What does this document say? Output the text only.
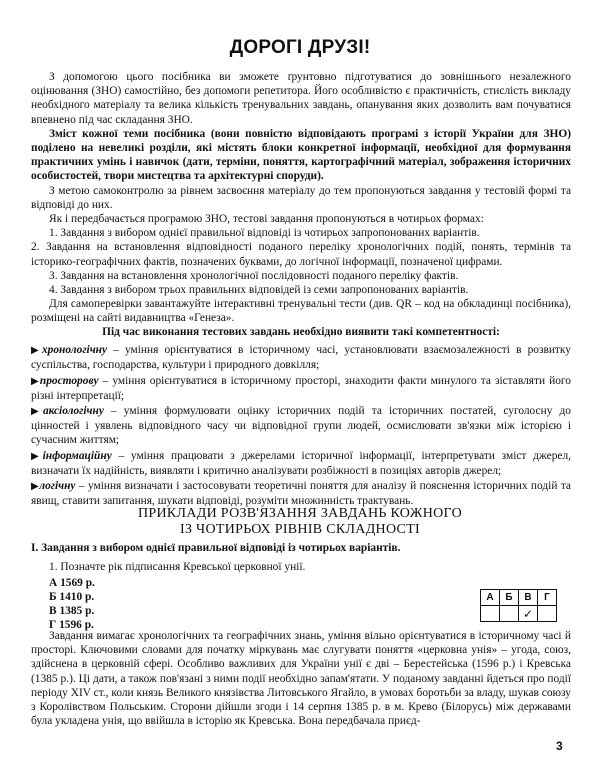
ДОРОГІ ДРУЗІ!

З допомогою цього посібника ви зможете ґрунтовно підготуватися до зовнішнього незалежного оцінювання (ЗНО) самостійно, без допомоги репетитора. Його особливістю є практичність, стислість викладу необхідного матеріалу та велика кількість тренувальних завдань, опанування яких дозволить вам почуватися впевнено під час складання ЗНО.

Зміст кожної теми посібника (вони повністю відповідають програмі з історії України для ЗНО) поділено на невеликі розділи, які містять блоки конкретної інформації, необхідної для формування практичних умінь і навичок (дати, терміни, поняття, картографічний матеріал, зображення історичних особистостей, твори мистецтва та архітектурні споруди).

З метою самоконтролю за рівнем засвоєння матеріалу до тем пропонуються завдання у тестовій формі та відповіді до них.

Як і передбачається програмою ЗНО, тестові завдання пропонуються в чотирьох формах:

1. Завдання з вибором однієї правильної відповіді із чотирьох запропонованих варіантів.

2. Завдання на встановлення відповідності поданого переліку хронологічних подій, понять, термінів та історико-географічних фактів, позначених буквами, до логічної інформації, позначеної цифрами.

3. Завдання на встановлення хронологічної послідовності поданого переліку фактів.

4. Завдання з вибором трьох правильних відповідей із семи запропонованих варіантів.

Для самоперевірки завантажуйте інтерактивні тренувальні тести (див. QR – код на обкладинці посібника), розміщені на сайті видавництва «Генеза».

Під час виконання тестових завдань необхідно виявити такі компетентності:

▶хронологічну – уміння орієнтуватися в історичному часі, установлювати взаємозалежності в розвитку суспільства, господарства, культури і природного довкілля;

▶просторову – уміння орієнтуватися в історичному просторі, знаходити факти минулого та зіставляти його різні інтерпретації;

▶аксіологічну – уміння формулювати оцінку історичних подій та історичних постатей, суголосну до цінностей і уявлень відповідного часу чи відповідної групи людей, осмислювати зв'язки між історією і сучасним життям;

▶інформаційну – уміння працювати з джерелами історичної інформації, інтерпретувати зміст джерел, визначати їх надійність, виявляти і критично аналізувати розбіжності в позиціях авторів джерел;

▶логічну – уміння визначати і застосовувати теоретичні поняття для аналізу й пояснення історичних подій та явищ, ставити запитання, шукати відповіді, розуміти множинність трактувань.

ПРИКЛАДИ РОЗВ'ЯЗАННЯ ЗАВДАНЬ КОЖНОГО
ІЗ ЧОТИРЬОХ РІВНІВ СКЛАДНОСТІ
І. Завдання з вибором однієї правильної відповіді із чотирьох варіантів.
1. Позначте рік підписання Кревської церковної унії.
А 1569 р.
Б 1410 р.
В 1385 р.
Г 1596 р.
А	Б	В	Г
		✓	

Завдання вимагає хронологічних та географічних знань, уміння вільно орієнтуватися в історичному часі й просторі. Ключовими словами для початку міркувань має слугувати поняття «церковна унія» – угода, союз, здійснена в церковній сфері. Особливо важливих для України унії є дві – Берестейська (1596 р.) і Кревська (1385 р.). Ці дати, а також пов'язані з ними події необхідно запам'ятати. У поданому завданні йдеться про події періоду XIV ст., коли князь Великого князівства Литовського Ягайло, в умовах боротьби за владу, шукав союзу з Королівством Польським. Сторони дійшли згоди і 14 серпня 1385 р. в м. Крево (Білорусь) між державами була укладена унія, що ввійшла в історію як Кревська. Вона передбачала приєд-

3
